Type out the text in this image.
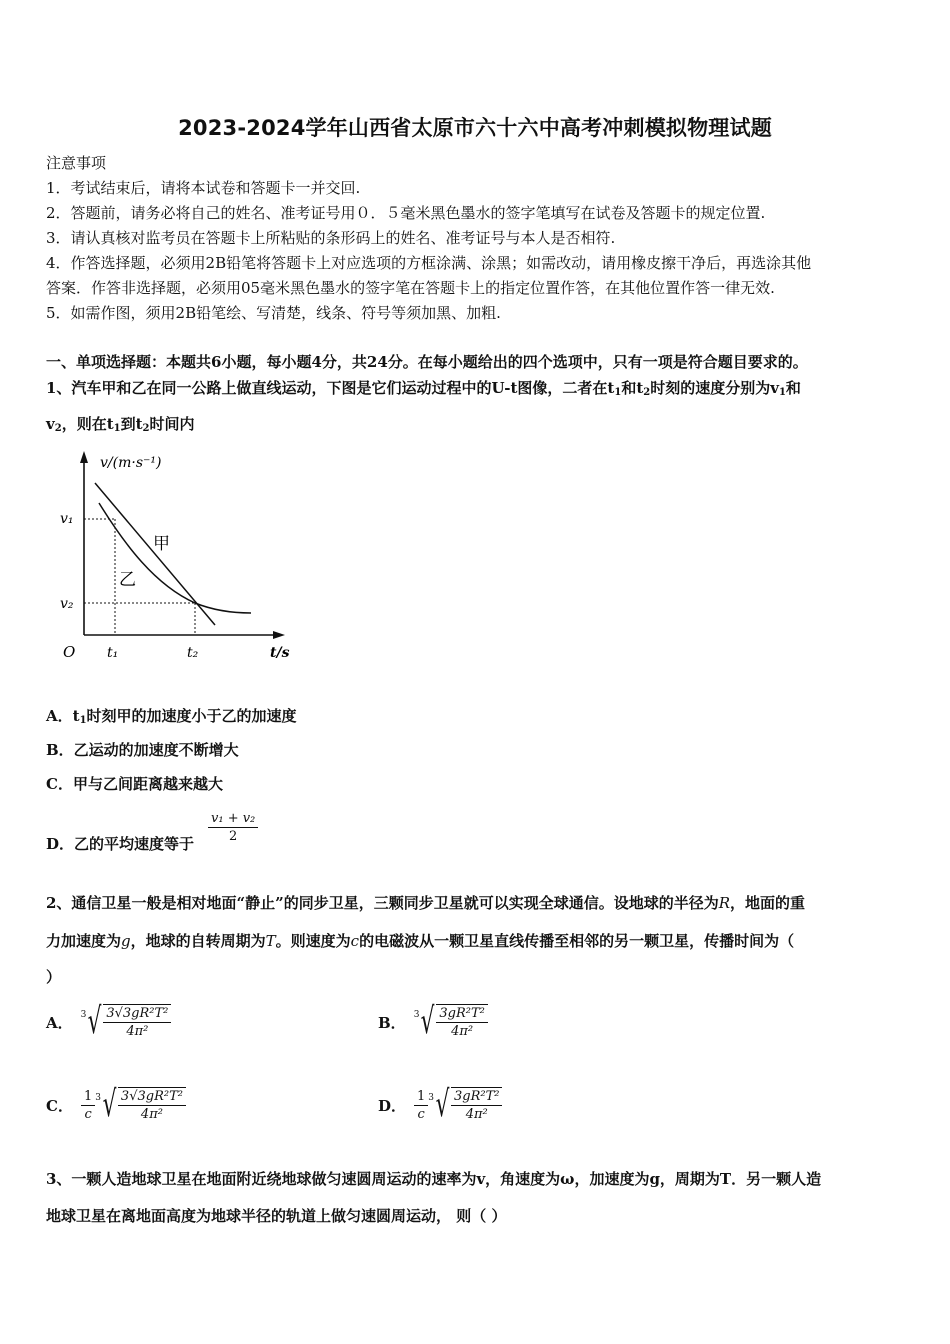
2023-2024学年山西省太原市六十六中高考冲刺模拟物理试题
注意事项
1．考试结束后，请将本试卷和答题卡一并交回.
2．答题前，请务必将自己的姓名、准考证号用０．５毫米黑色墨水的签字笔填写在试卷及答题卡的规定位置.
3．请认真核对监考员在答题卡上所粘贴的条形码上的姓名、准考证号与本人是否相符.
4．作答选择题，必须用2B铅笔将答题卡上对应选项的方框涂满、涂黑；如需改动，请用橡皮擦干净后，再选涂其他
答案．作答非选择题，必须用05毫米黑色墨水的签字笔在答题卡上的指定位置作答，在其他位置作答一律无效.
5．如需作图，须用2B铅笔绘、写清楚，线条、符号等须加黑、加粗.
一、单项选择题：本题共6小题，每小题4分，共24分。在每小题给出的四个选项中，只有一项是符合题目要求的。
1、汽车甲和乙在同一公路上做直线运动，下图是它们运动过程中的U-t图像，二者在$t_1$和$t_2$时刻的速度分别为$v_1$和
$v_2$，则在$t_1$到$t_2$时间内
v/(m·s⁻¹)
t/s
O
v₁
v₂
t₁	t₂
甲
乙
A．$t_1$时刻甲的加速度小于乙的加速度
B．乙运动的加速度不断增大
C．甲与乙间距离越来越大
D．乙的平均速度等于 $\frac{\text{v₁ + v₂}}{2}$
2、通信卫星一般是相对地面“静止”的同步卫星，三颗同步卫星就可以实现全球通信。设地球的半径为R，地面的重
力加速度为g，地球的自转周期为T。则速度为c的电磁波从一颗卫星直线传播至相邻的另一颗卫星，传播时间为（
）
A． 3 √ $\frac{\text{3√3gR²T²}}{\text{4π²}}$	B． 3 √ $\frac{\text{3gR²T²}}{\text{4π²}}$
C． $\frac{1}{c} 3$ √ $\frac{\text{3√3gR²T²}}{\text{4π²}}$	D． $\frac{1}{c} 3$ √ $\frac{\text{3gR²T²}}{\text{4π²}}$
3、一颗人造地球卫星在地面附近绕地球做匀速圆周运动的速率为v，角速度为ω，加速度为g，周期为T．另一颗人造
地球卫星在离地面高度为地球半径的轨道上做匀速圆周运动， 则（ ）
